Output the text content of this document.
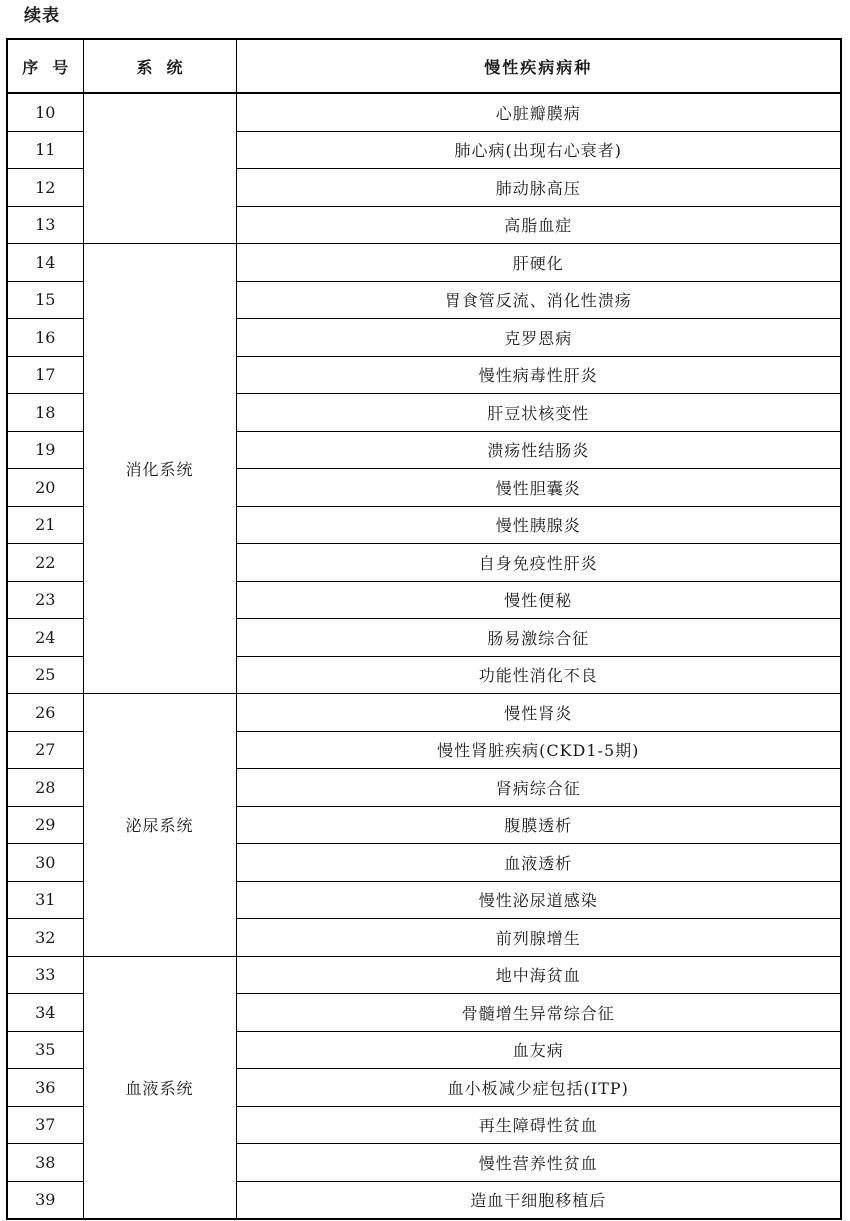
续表
序号	系统	慢性疾病病种
10		心脏瓣膜病
11		肺心病(出现右心衰者)
12		肺动脉高压
13		高脂血症
14	消化系统	肝硬化
15		胃食管反流、消化性溃疡
16		克罗恩病
17		慢性病毒性肝炎
18		肝豆状核变性
19		溃疡性结肠炎
20		慢性胆囊炎
21		慢性胰腺炎
22		自身免疫性肝炎
23		慢性便秘
24		肠易激综合征
25		功能性消化不良
26	泌尿系统	慢性肾炎
27		慢性肾脏疾病(CKD1-5期)
28		肾病综合征
29		腹膜透析
30		血液透析
31		慢性泌尿道感染
32		前列腺增生
33	血液系统	地中海贫血
34		骨髓增生异常综合征
35		血友病
36		血小板减少症包括(ITP)
37		再生障碍性贫血
38		慢性营养性贫血
39		造血干细胞移植后
